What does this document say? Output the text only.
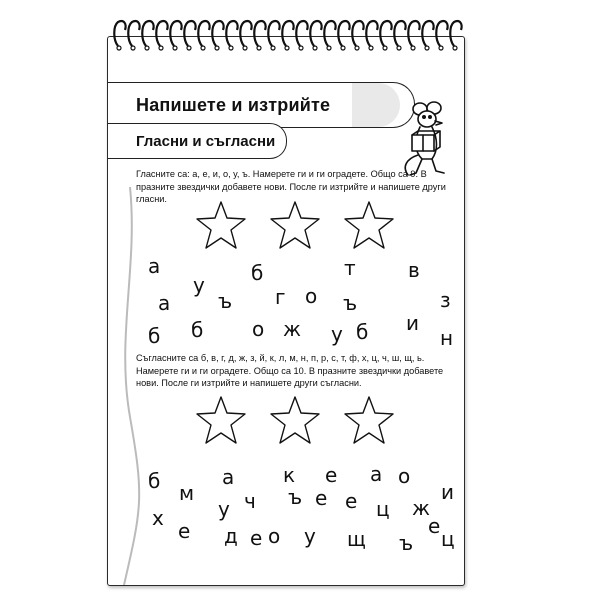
Напишете и изтрийте
Гласни и съгласни
Гласните са: а, е, и, о, у, ъ. Намерете ги и ги оградете. Общо са 9. В празните звездички добавете нови. После ги изтрийте и напишете други гласни.
а
у б	т	в
а ъ г о ъ	з
б б о ж у б и
н
Съгласните са б, в, г, д, ж, з, й, к, л, м, н, п, р, с, т, ф, х, ц, ч, ш, щ, ь. Намерете ги и ги оградете. Общо са 10. В празните звездички добавете нови. После ги изтрийте и напишете други съгласни.
б	а к е а о
м ч ъ е е	ж
и
х	у
е
ц
е
д е о у щ ъ ц
